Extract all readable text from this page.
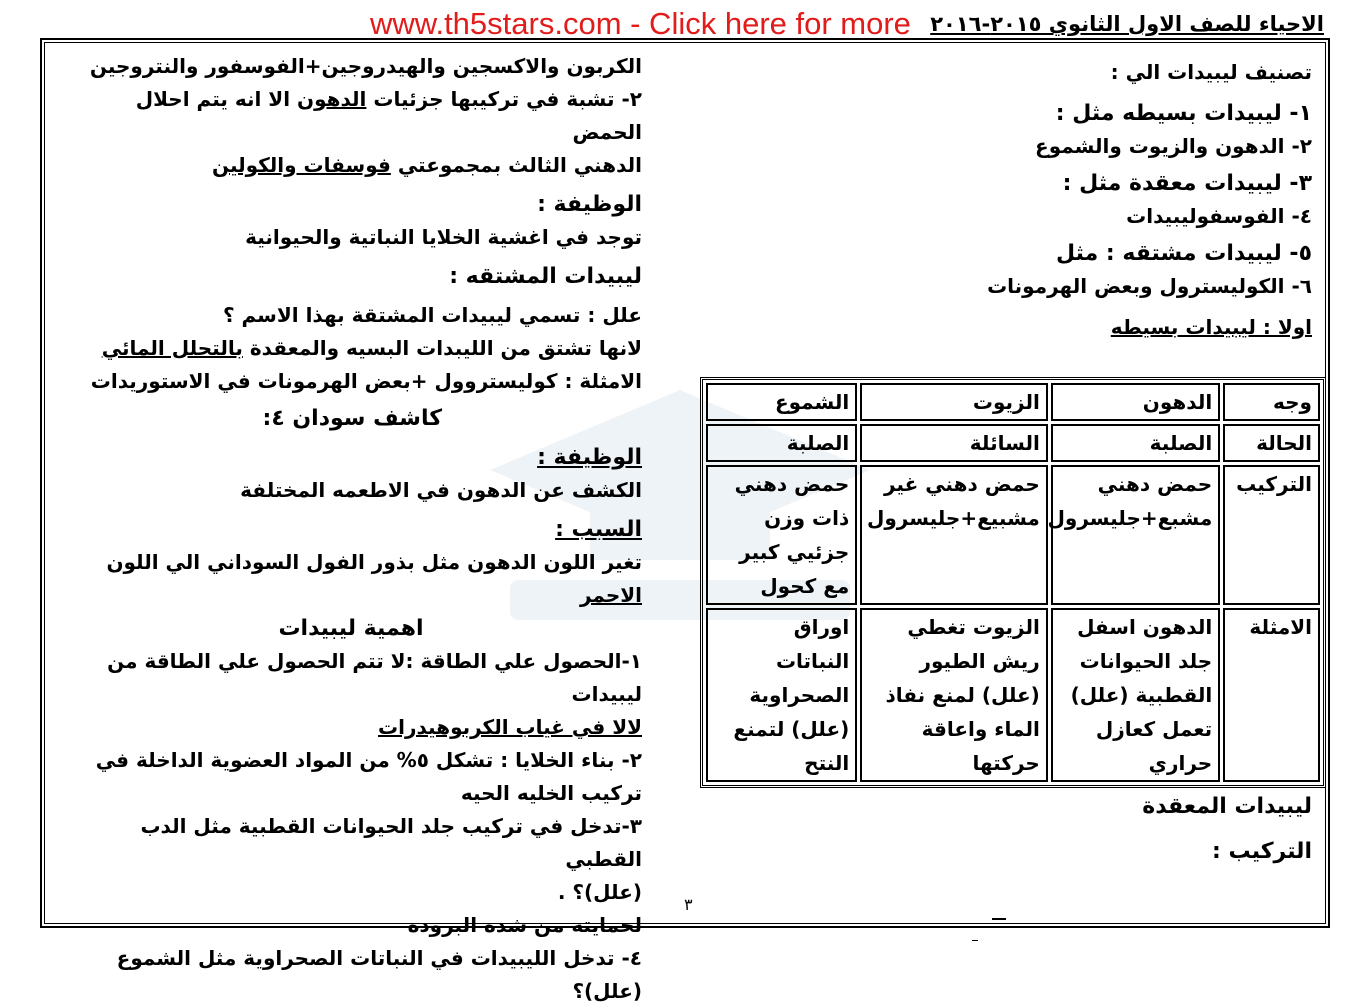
الاحياء للصف الاول الثانوي ٢٠١٥-٢٠١٦
www.th5stars.com - Click here for more

تصنيف ليبيدات الي :

١- ليبيدات بسيطه مثل :

٢- الدهون والزيوت والشموع

٣- ليبيدات معقدة مثل :

٤- الفوسفوليبيدات

٥- ليبيدات مشتقه : مثل

٦- الكوليسترول وبعض الهرمونات

اولا : ليبيدات بسيطه

وجه	الدهون	الزيوت	الشموع
الحالة	الصلبة	السائلة	الصلبة
التركيب	حمض دهني مشبع+جليسرول	حمض دهني غير مشبيع+جليسرول	حمض دهني ذات وزن جزئيي كبير مع كحول
الامثلة	الدهون اسفل جلد الحيوانات القطبية (علل) تعمل كعازل حراري	الزيوت تغطي ريش الطيور (علل) لمنع نفاذ الماء واعاقة حركتها	اوراق النباتات الصحراوية (علل) لتمنع النتح

ليبيدات المعقدة

التركيب :

الكربون والاكسجين والهيدروجين+الفوسفور والنتروجين

٢- تشبة في تركيبها جزئيات الدهون الا انه يتم احلال الحمض

الدهني الثالث بمجموعتي فوسفات والكولين

الوظيفة :

توجد في اغشية الخلايا النباتية والحيوانية

ليبيدات المشتقه :

علل : تسمي ليبيدات المشتقة بهذا الاسم ؟

لانها تشتق من الليبدات البسيه والمعقدة بالتحلل المائي

الامثلة : كوليستروول +بعض الهرمونات في الاستوريدات

كاشف سودان ٤:

الوظيفة :

الكشف عن الدهون في الاطعمه المختلفة

السبب :

تغير اللون الدهون مثل بذور الفول السوداني الي اللون الاحمر

اهمية ليبيدات

١-الحصول علي الطاقة :لا تتم الحصول علي الطاقة من ليبيدات

لالا في غياب الكربوهيدرات

٢- بناء الخلايا : تشكل ٥% من المواد العضوية الداخلة في

تركيب الخليه الحيه

٣-تدخل في تركيب جلد الحيوانات القطبية مثل الدب القطبي

(علل)؟ .

لحمايته من شده البروده

٤- تدخل الليبيدات في النباتات الصحراوية مثل الشموع (علل)؟

٣
